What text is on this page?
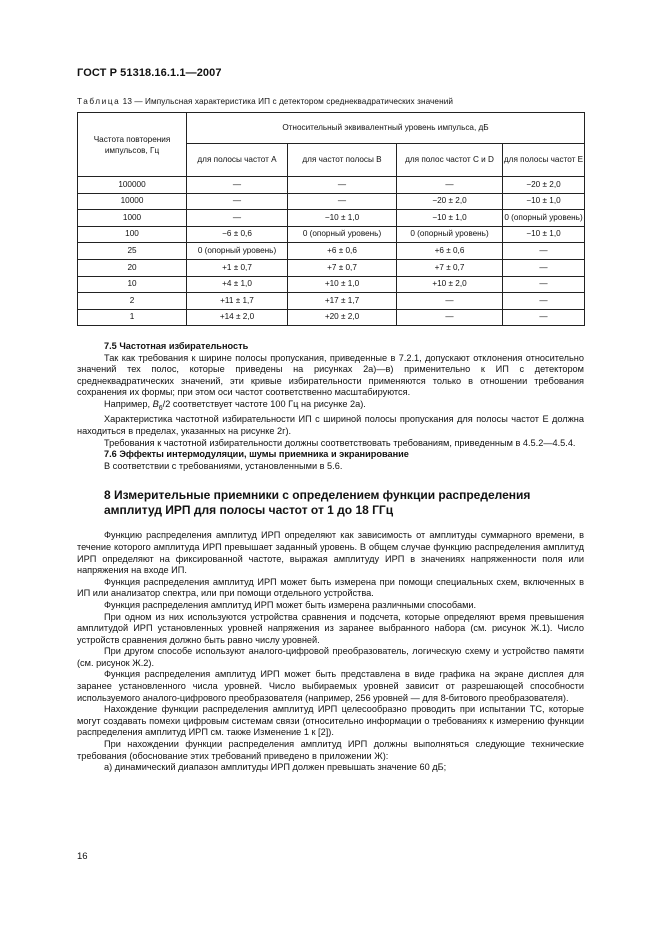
ГОСТ Р 51318.16.1.1—2007
Таблица 13 — Импульсная характеристика ИП с детектором среднеквадратических значений
Частота повторения импульсов, Гц	Относительный эквивалентный уровень импульса, дБ			
	для полосы частот А	для частот полосы В	для полос частот С и D	для полосы частот E
100000	—	—	—	−20 ± 2,0
10000	—	—	−20 ± 2,0	−10 ± 1,0
1000	—	−10 ± 1,0	−10 ± 1,0	0 (опорный уровень)
100	−6 ± 0,6	0 (опорный уровень)	0 (опорный уровень)	−10 ± 1,0
25	0 (опорный уровень)	+6 ± 0,6	+6 ± 0,6	—
20	+1 ± 0,7	+7 ± 0,7	+7 ± 0,7	—
10	+4 ± 1,0	+10 ± 1,0	+10 ± 2,0	—
2	+11 ± 1,7	+17 ± 1,7	—	—
1	+14 ± 2,0	+20 ± 2,0	—	—

7.5 Частотная избирательность

Так как требования к ширине полосы пропускания, приведенные в 7.2.1, допускают отклонения относительно значений тех полос, которые приведены на рисунках 2а)—в) применительно к ИП с детектором среднеквадратических значений, эти кривые избирательности применяются только в отношении требования сохранения их формы; при этом оси частот соответственно масштабируются.

Например, $B_6/2$ соответствует частоте 100 Гц на рисунке 2а).

Характеристика частотной избирательности ИП с шириной полосы пропускания для полосы частот Е должна находиться в пределах, указанных на рисунке 2г).

Требования к частотной избирательности должны соответствовать требованиям, приведенным в 4.5.2—4.5.4.

7.6 Эффекты интермодуляции, шумы приемника и экранирование

В соответствии с требованиями, установленными в 5.6.

8 Измерительные приемники с определением функции распределения амплитуд ИРП для полосы частот от 1 до 18 ГГц

Функцию распределения амплитуд ИРП определяют как зависимость от амплитуды суммарного времени, в течение которого амплитуда ИРП превышает заданный уровень. В общем случае функцию распределения амплитуд ИРП определяют на фиксированной частоте, выражая амплитуду ИРП в значениях напряженности поля или напряжения на входе ИП.

Функция распределения амплитуд ИРП может быть измерена при помощи специальных схем, включенных в ИП или анализатор спектра, или при помощи отдельного устройства.

Функция распределения амплитуд ИРП может быть измерена различными способами.

При одном из них используются устройства сравнения и подсчета, которые определяют время превышения амплитудой ИРП установленных уровней напряжения из заранее выбранного набора (см. рисунок Ж.1). Число устройств сравнения должно быть равно числу уровней.

При другом способе используют аналого-цифровой преобразователь, логическую схему и устройство памяти (см. рисунок Ж.2).

Функция распределения амплитуд ИРП может быть представлена в виде графика на экране дисплея для заранее установленного числа уровней. Число выбираемых уровней зависит от разрешающей способности используемого аналого-цифрового преобразователя (например, 256 уровней — для 8-битового преобразователя).

Нахождение функции распределения амплитуд ИРП целесообразно проводить при испытании ТС, которые могут создавать помехи цифровым системам связи (относительно информации о требованиях к измерению функции распределения амплитуд ИРП см. также Изменение 1 к [2]).

При нахождении функции распределения амплитуд ИРП должны выполняться следующие технические требования (обоснование этих требований приведено в приложении Ж):

а) динамический диапазон амплитуды ИРП должен превышать значение 60 дБ;

16
